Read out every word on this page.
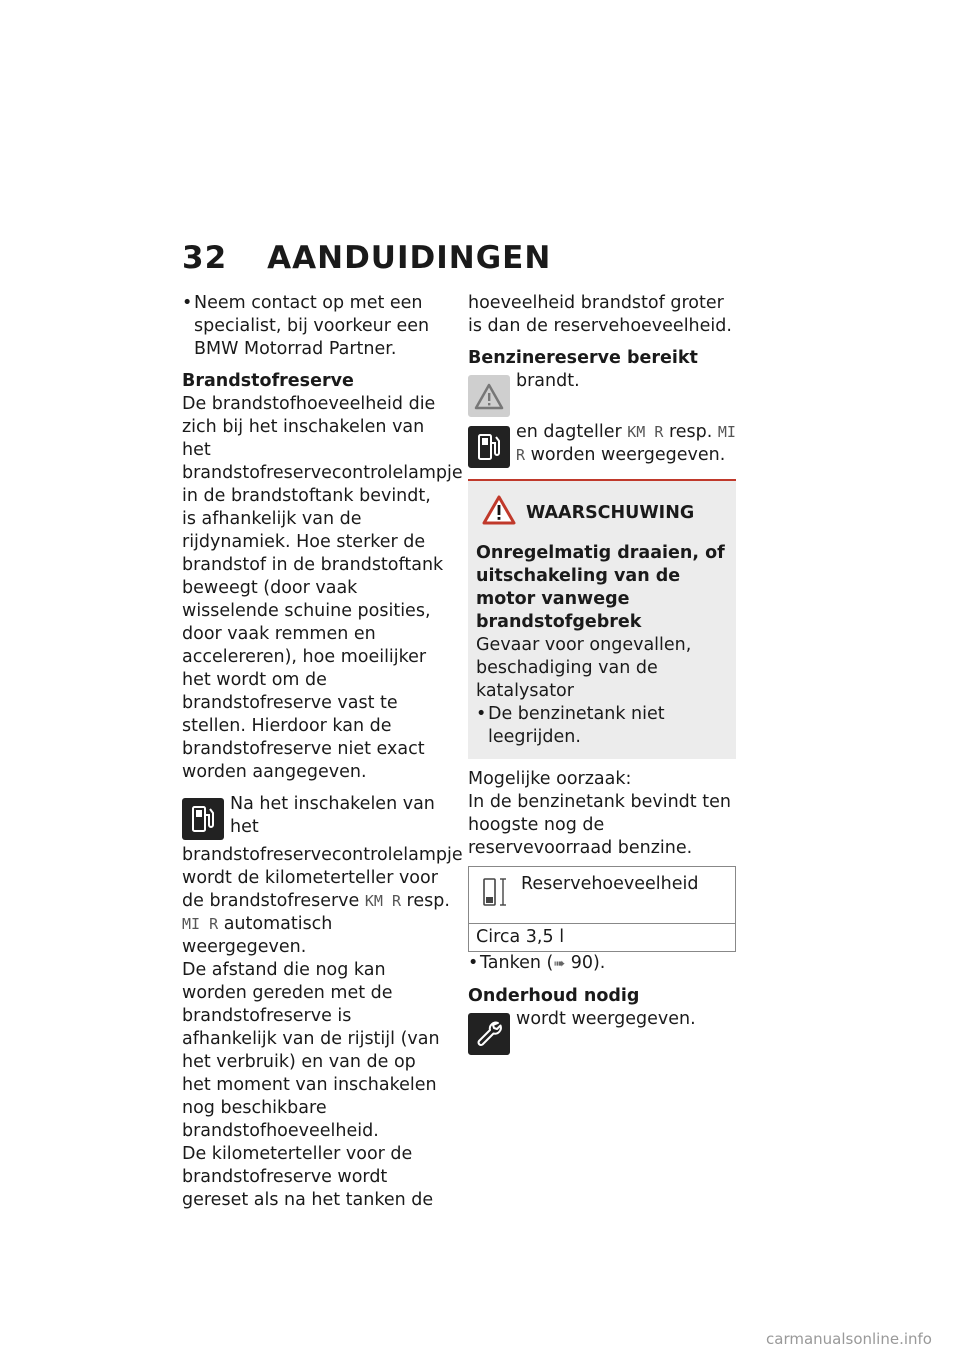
32 AANDUIDINGEN

• Neem contact op met een specialist, bij voorkeur een BMW Motorrad Partner.

Brandstofreserve

De brandstofhoeveelheid die zich bij het inschakelen van het brandstofreservecontrolelampje in de brandstoftank bevindt, is afhankelijk van de rijdynamiek. Hoe sterker de brandstof in de brandstoftank beweegt (door vaak wisselende schuine posities, door vaak remmen en accelereren), hoe moeilijker het wordt om de brandstofreserve vast te stellen. Hierdoor kan de brandstofreserve niet exact worden aangegeven.

Na het inschakelen van het brandstofreservecontrolelampje wordt de kilometerteller voor de brandstofreserve KM R resp. MI R automatisch weergegeven.

De afstand die nog kan worden gereden met de brandstofreserve is afhankelijk van de rijstijl (van het verbruik) en van de op het moment van inschakelen nog beschikbare brandstofhoeveelheid.

De kilometerteller voor de brandstofreserve wordt gereset als na het tanken de

hoeveelheid brandstof groter is dan de reservehoeveelheid.

Benzinereserve bereikt

brandt.
en dagteller KM R resp. MI R worden weergegeven.
WAARSCHUWING

Onregelmatig draaien, of uitschakeling van de motor vanwege brandstofgebrek

Gevaar voor ongevallen, beschadiging van de katalysator

• De benzinetank niet leegrijden.

Mogelijke oorzaak:

In de benzinetank bevindt ten hoogste nog de reservevoorraad benzine.

Reservehoeveelheid
Circa 3,5 l

• Tanken (➠ 90).

Onderhoud nodig

wordt weergegeven.
carmanualsonline.info
